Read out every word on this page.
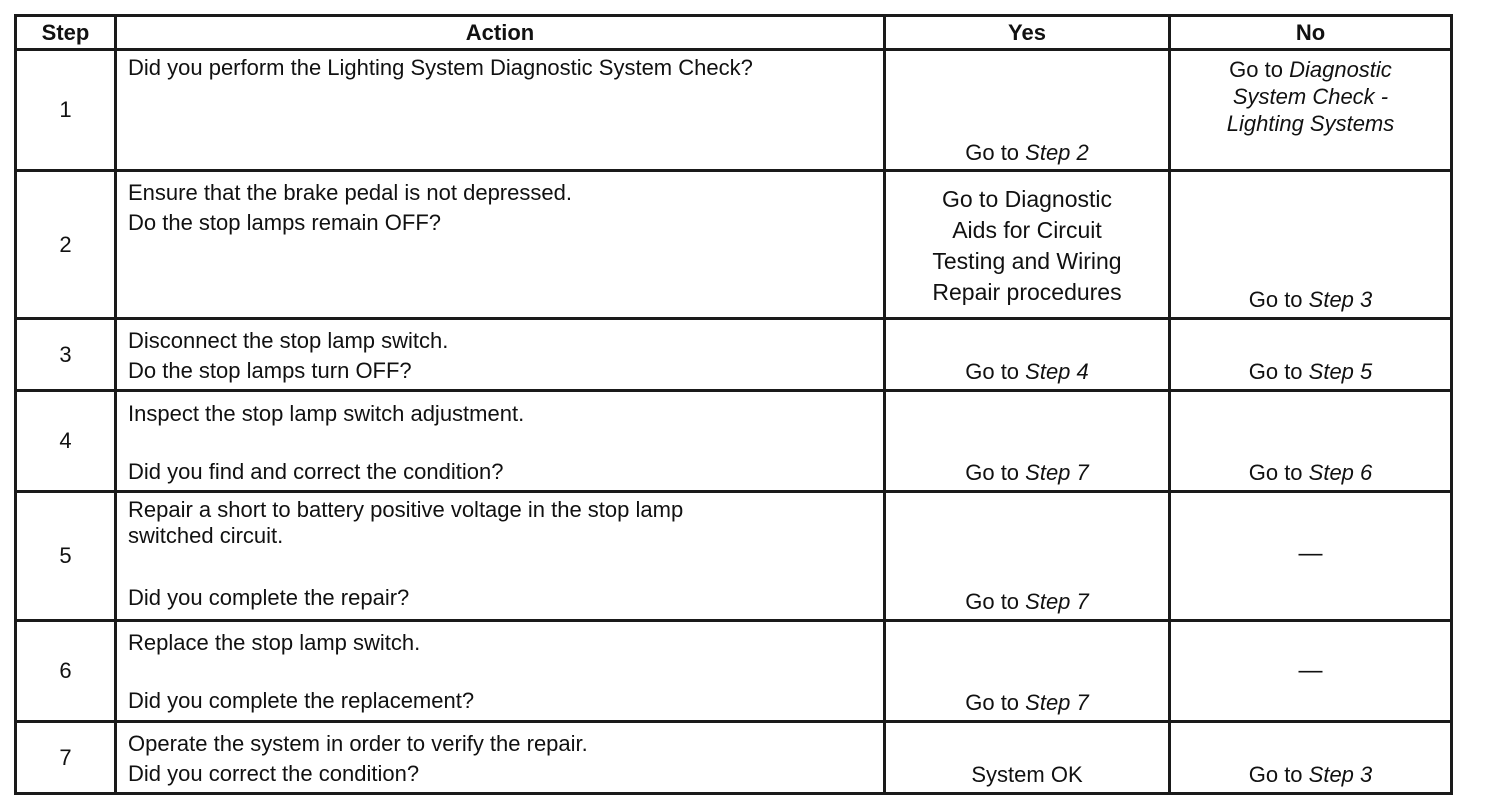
Step	Action	Yes	No
1	Did you perform the Lighting System Diagnostic System Check?	Go to Step 2	Go to Diagnostic
System Check -
Lighting Systems

2	Ensure that the brake pedal is not depressed.
Do the stop lamps remain OFF?	Go to Diagnostic
Aids for Circuit
Testing and Wiring
Repair procedures	Go to Step 3

3	Disconnect the stop lamp switch.
Do the stop lamps turn OFF?	Go to Step 4	Go to Step 5

4	Inspect the stop lamp switch adjustment.
Did you find and correct the condition?	Go to Step 7	Go to Step 6

5	Repair a short to battery positive voltage in the stop lamp
switched circuit.
Did you complete the repair?	Go to Step 7	—

6	Replace the stop lamp switch.
Did you complete the replacement?	Go to Step 7	—

7	Operate the system in order to verify the repair.
Did you correct the condition?	System OK	Go to Step 3
